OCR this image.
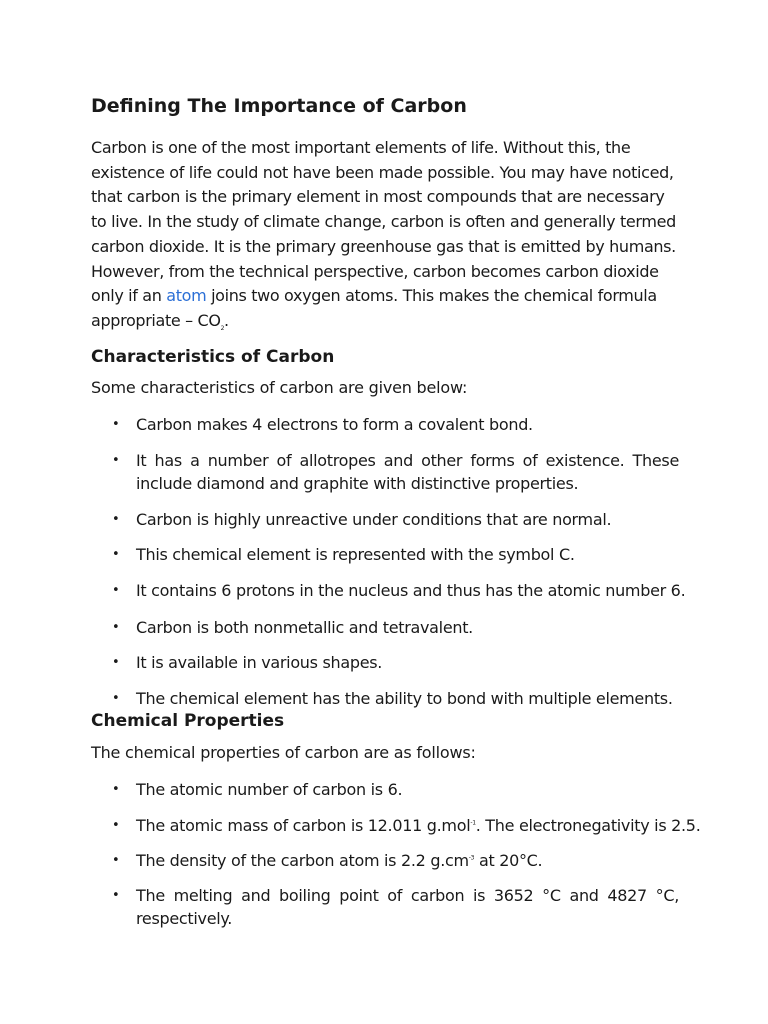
Defining The Importance of Carbon

Carbon is one of the most important elements of life. Without this, the existence of life could not have been made possible. You may have noticed, that carbon is the primary element in most compounds that are necessary to live. In the study of climate change, carbon is often and generally termed carbon dioxide. It is the primary greenhouse gas that is emitted by humans. However, from the technical perspective, carbon becomes carbon dioxide only if an atom joins two oxygen atoms. This makes the chemical formula appropriate – $CO_2$.

Characteristics of Carbon

Some characteristics of carbon are given below:

• Carbon makes 4 electrons to form a covalent bond.
• It has a number of allotropes and other forms of existence. These include diamond and graphite with distinctive properties.
• Carbon is highly unreactive under conditions that are normal.
• This chemical element is represented with the symbol C.
• It contains 6 protons in the nucleus and thus has the atomic number 6.
• Carbon is both nonmetallic and tetravalent.
• It is available in various shapes.
• The chemical element has the ability to bond with multiple elements.
Chemical Properties

The chemical properties of carbon are as follows:

• The atomic number of carbon is 6.
• The atomic mass of carbon is 12.011 g.mol$^{-1}$. The electronegativity is 2.5.
• The density of the carbon atom is 2.2 $g.cm^{-3}$ at 20°C.
• The melting and boiling point of carbon is 3652 °C and 4827 °C, respectively.
